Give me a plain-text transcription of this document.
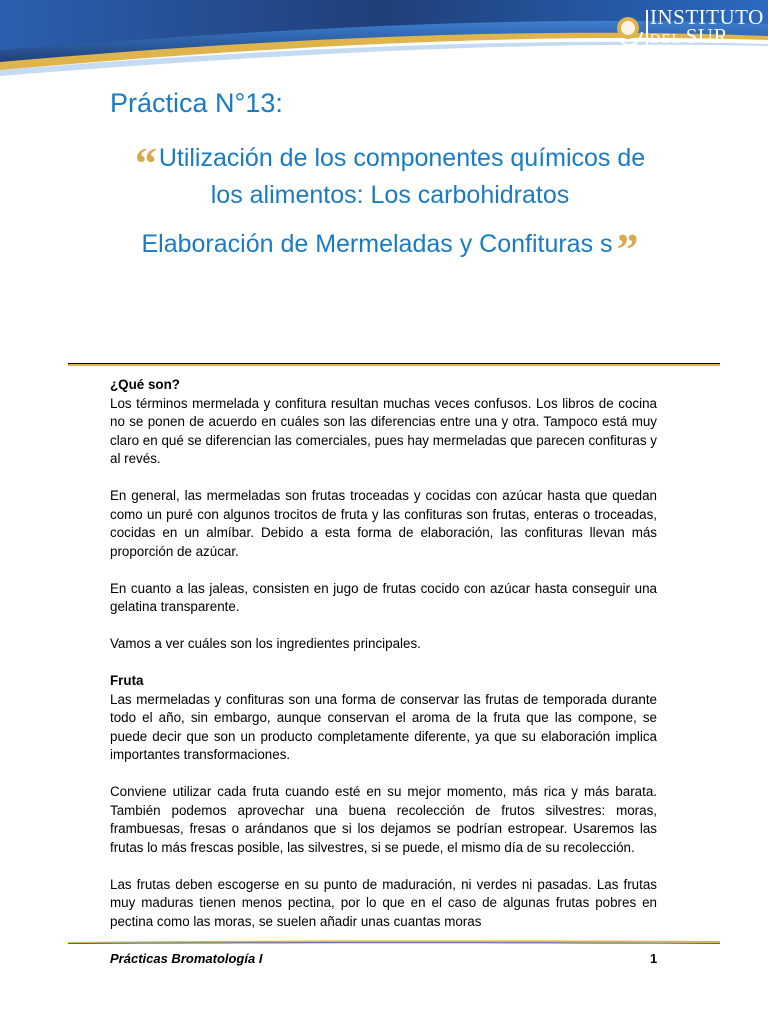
INSTITUTO
DEL SUR
Práctica N°13:

“Utilización de los componentes químicos de los alimentos: Los carbohidratos

Elaboración de Mermeladas y Confituras s”

¿Qué son?

Los términos mermelada y confitura resultan muchas veces confusos. Los libros de cocina no se ponen de acuerdo en cuáles son las diferencias entre una y otra. Tampoco está muy claro en qué se diferencian las comerciales, pues hay mermeladas que parecen confituras y al revés.

En general, las mermeladas son frutas troceadas y cocidas con azúcar hasta que quedan como un puré con algunos trocitos de fruta y las confituras son frutas, enteras o troceadas, cocidas en un almíbar. Debido a esta forma de elaboración, las confituras llevan más proporción de azúcar.

En cuanto a las jaleas, consisten en jugo de frutas cocido con azúcar hasta conseguir una gelatina transparente.

Vamos a ver cuáles son los ingredientes principales.

Fruta

Las mermeladas y confituras son una forma de conservar las frutas de temporada durante todo el año, sin embargo, aunque conservan el aroma de la fruta que las compone, se puede decir que son un producto completamente diferente, ya que su elaboración implica importantes transformaciones.

Conviene utilizar cada fruta cuando esté en su mejor momento, más rica y más barata. También podemos aprovechar una buena recolección de frutos silvestres: moras, frambuesas, fresas o arándanos que si los dejamos se podrían estropear. Usaremos las frutas lo más frescas posible, las silvestres, si se puede, el mismo día de su recolección.

Las frutas deben escogerse en su punto de maduración, ni verdes ni pasadas. Las frutas muy maduras tienen menos pectina, por lo que en el caso de algunas frutas pobres en pectina como las moras, se suelen añadir unas cuantas moras

Prácticas Bromatología I	1
